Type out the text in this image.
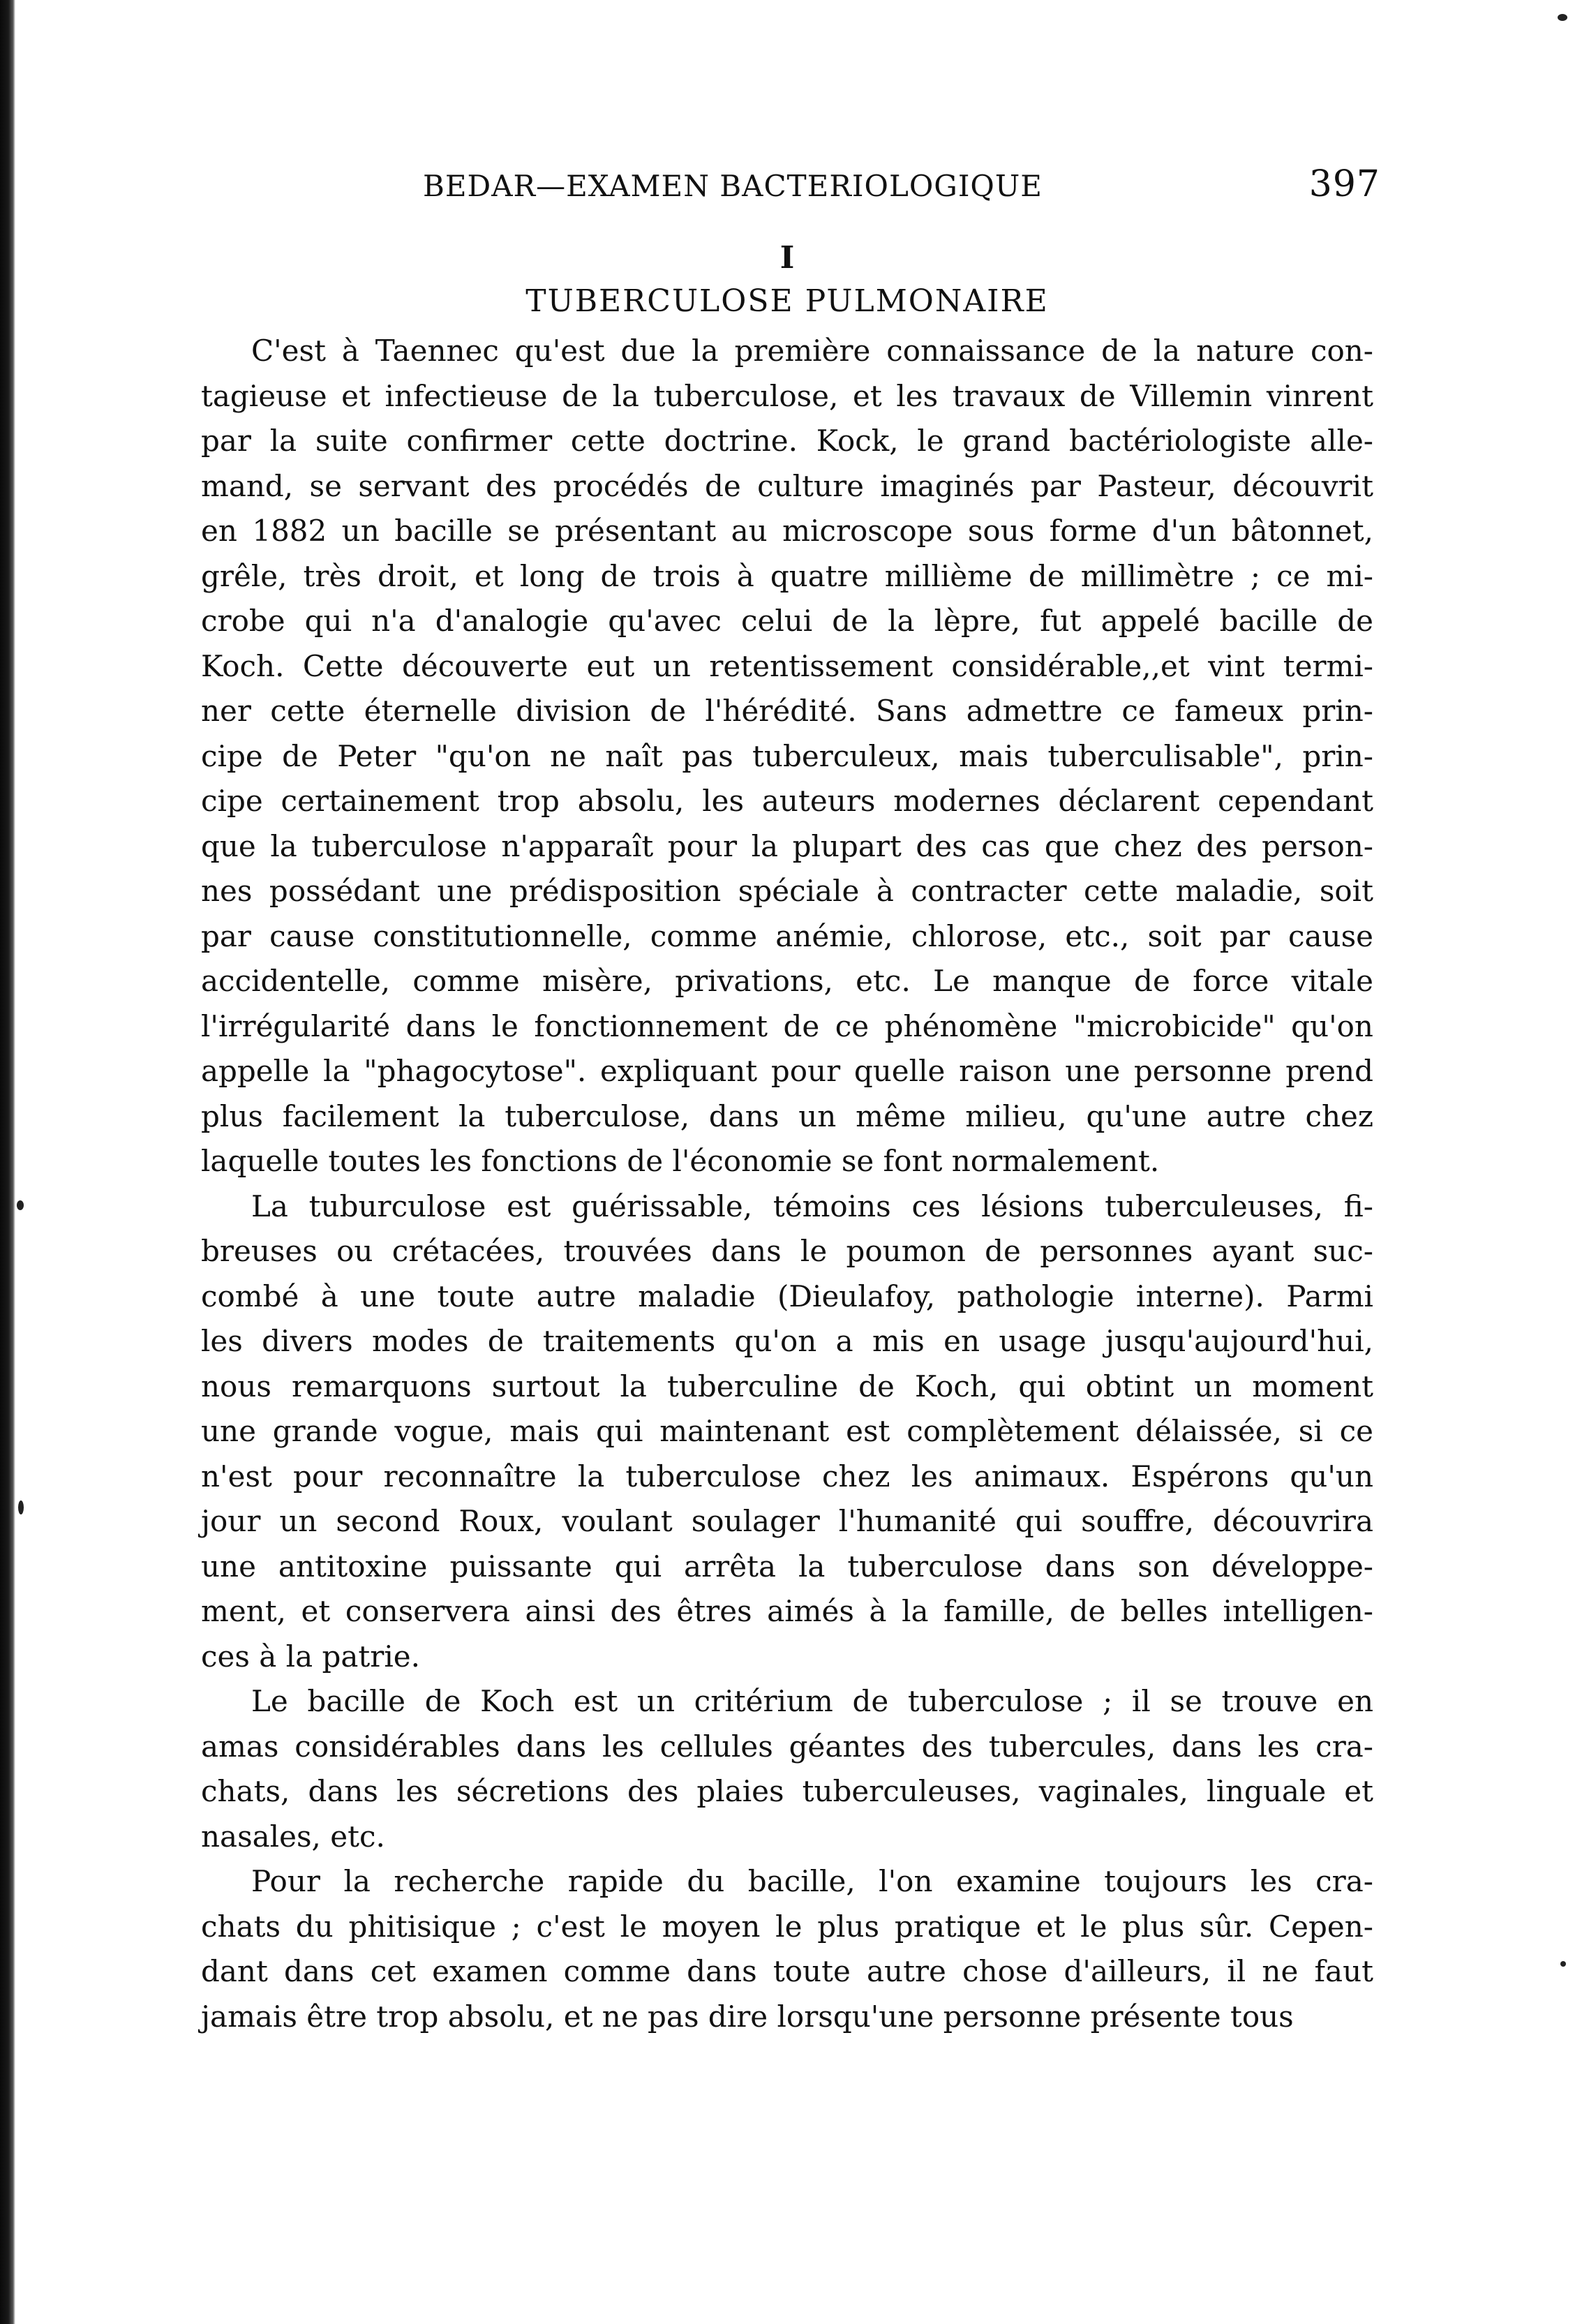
BEDAR—EXAMEN BACTERIOLOGIQUE	397
I
TUBERCULOSE PULMONAIRE
C'est à Taennec qu'est due la première connaissance de la nature con-
tagieuse et infectieuse de la tuberculose, et les travaux de Villemin vinrent
par la suite confirmer cette doctrine. Kock, le grand bactériologiste alle-
mand, se servant des procédés de culture imaginés par Pasteur, découvrit
en 1882 un bacille se présentant au microscope sous forme d'un bâtonnet,
grêle, très droit, et long de trois à quatre millième de millimètre ; ce mi-
crobe qui n'a d'analogie qu'avec celui de la lèpre, fut appelé bacille de
Koch. Cette découverte eut un retentissement considérable,,et vint termi-
ner cette éternelle division de l'hérédité. Sans admettre ce fameux prin-
cipe de Peter "qu'on ne naît pas tuberculeux, mais tuberculisable", prin-
cipe certainement trop absolu, les auteurs modernes déclarent cependant
que la tuberculose n'apparaît pour la plupart des cas que chez des person-
nes possédant une prédisposition spéciale à contracter cette maladie, soit
par cause constitutionnelle, comme anémie, chlorose, etc., soit par cause
accidentelle, comme misère, privations, etc. Le manque de force vitale
l'irrégularité dans le fonctionnement de ce phénomène "microbicide" qu'on
appelle la "phagocytose". expliquant pour quelle raison une personne prend
plus facilement la tuberculose, dans un même milieu, qu'une autre chez
laquelle toutes les fonctions de l'économie se font normalement.
La tuburculose est guérissable, témoins ces lésions tuberculeuses, fi-
breuses ou crétacées, trouvées dans le poumon de personnes ayant suc-
combé à une toute autre maladie (Dieulafoy, pathologie interne). Parmi
les divers modes de traitements qu'on a mis en usage jusqu'aujourd'hui,
nous remarquons surtout la tuberculine de Koch, qui obtint un moment
une grande vogue, mais qui maintenant est complètement délaissée, si ce
n'est pour reconnaître la tuberculose chez les animaux. Espérons qu'un
jour un second Roux, voulant soulager l'humanité qui souffre, découvrira
une antitoxine puissante qui arrêta la tuberculose dans son développe-
ment, et conservera ainsi des êtres aimés à la famille, de belles intelligen-
ces à la patrie.
Le bacille de Koch est un critérium de tuberculose ; il se trouve en
amas considérables dans les cellules géantes des tubercules, dans les cra-
chats, dans les sécretions des plaies tuberculeuses, vaginales, linguale et
nasales, etc.
Pour la recherche rapide du bacille, l'on examine toujours les cra-
chats du phitisique ; c'est le moyen le plus pratique et le plus sûr. Cepen-
dant dans cet examen comme dans toute autre chose d'ailleurs, il ne faut
jamais être trop absolu, et ne pas dire lorsqu'une personne présente tous
